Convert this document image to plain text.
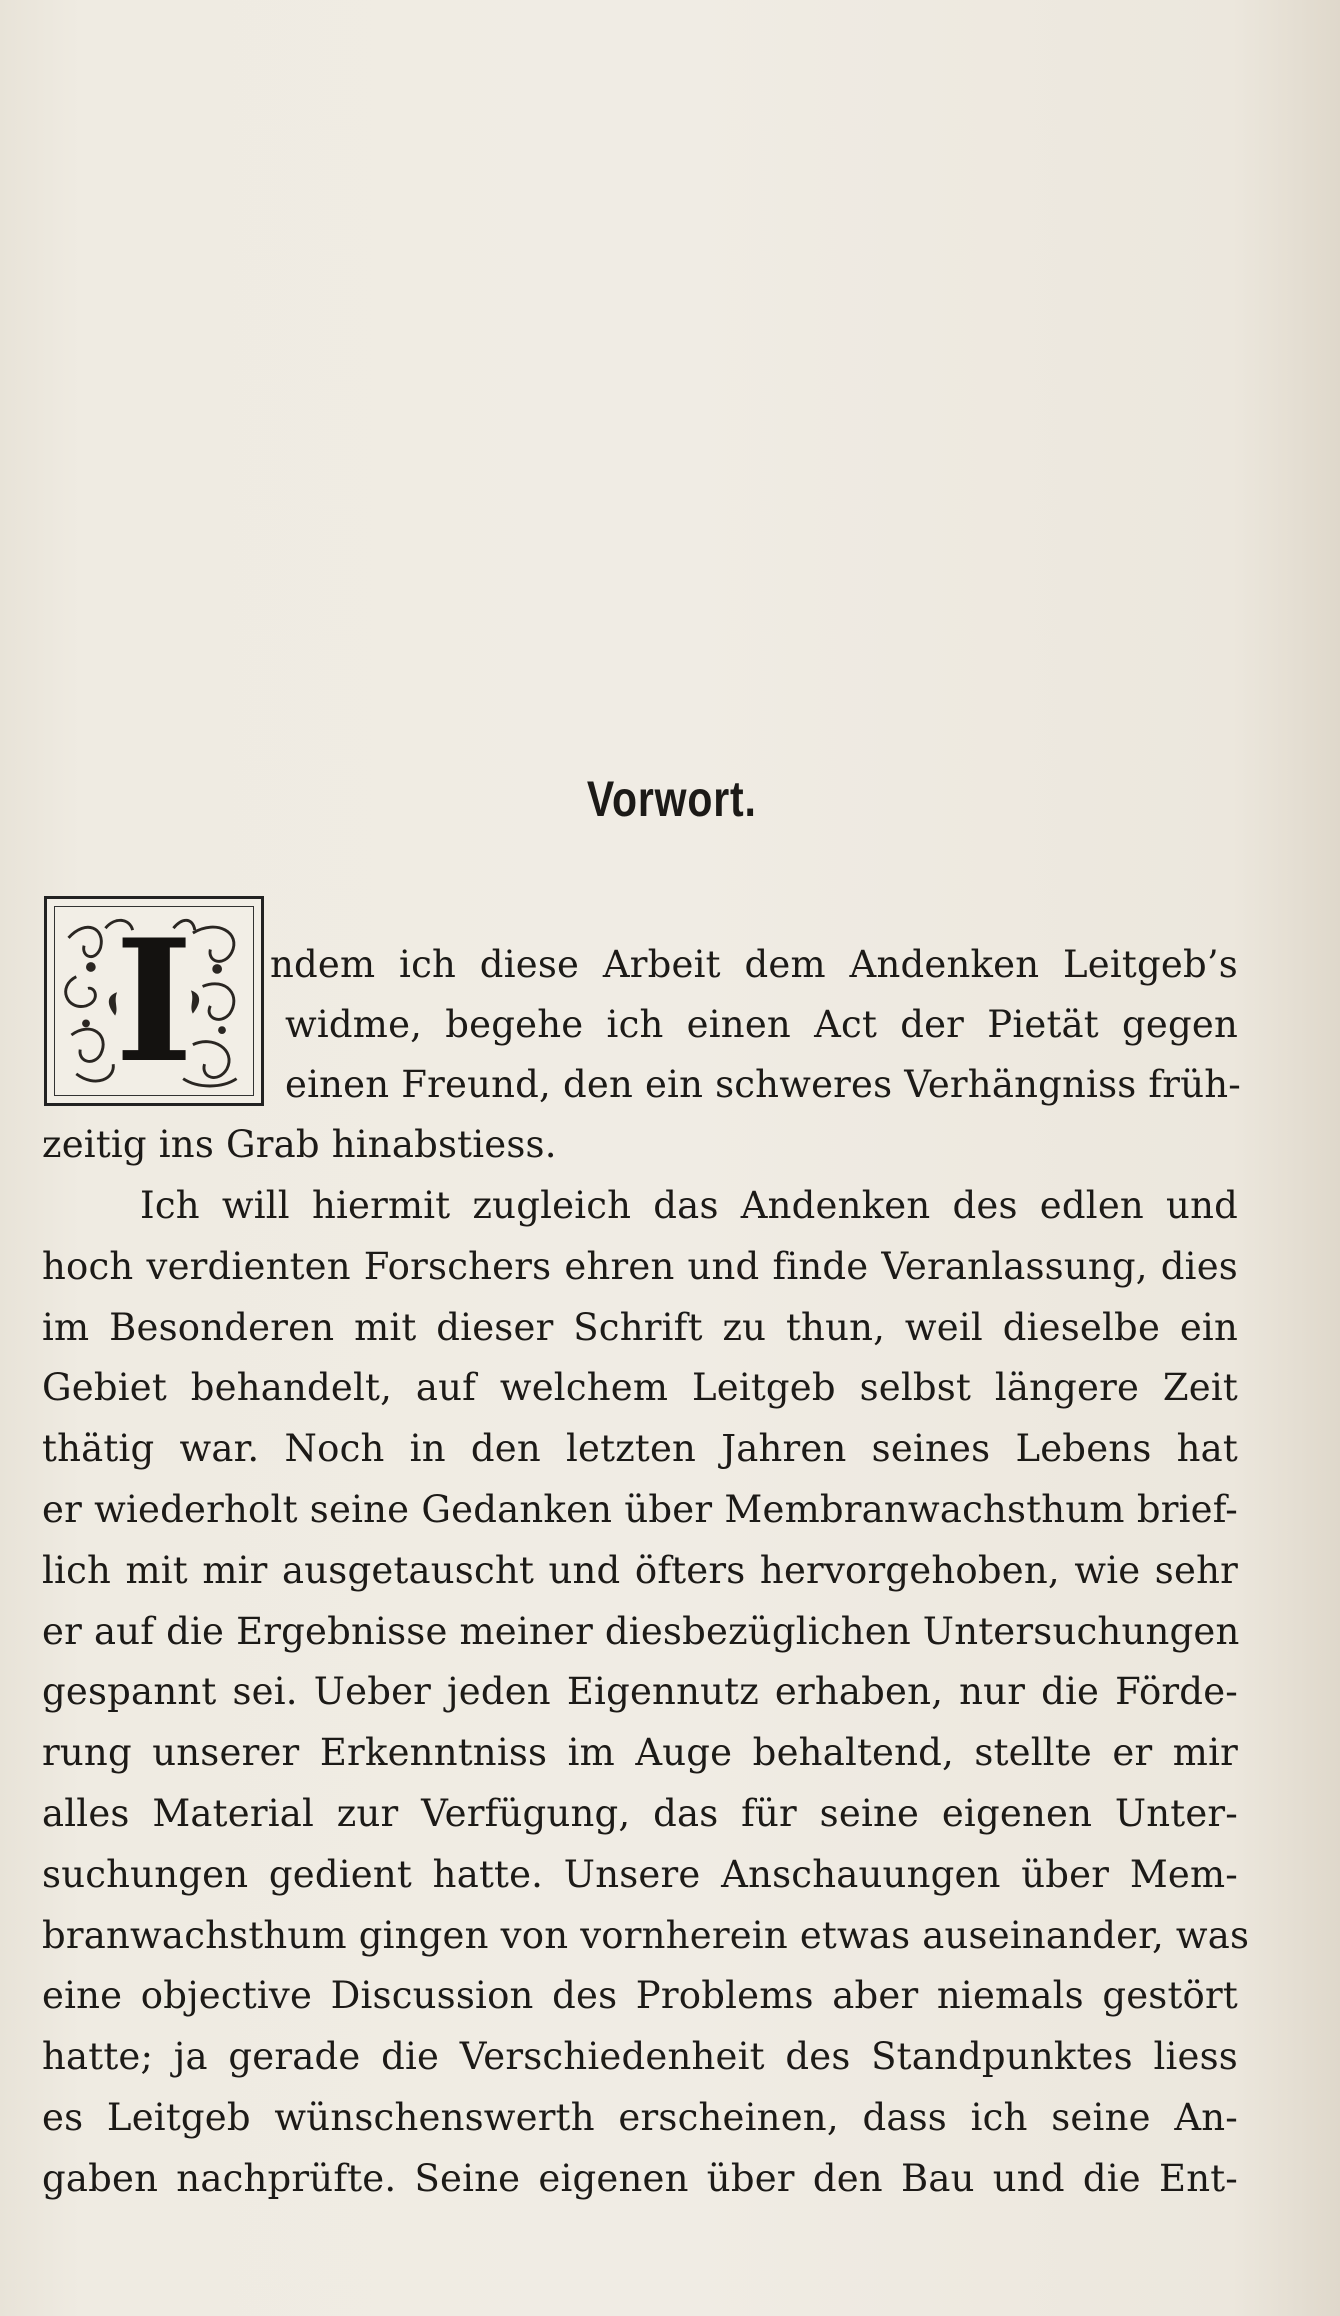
Vorwort.
I	ndem ich diese Arbeit dem Andenken Leitgeb’s
widme, begehe ich einen Act der Pietät gegen
einen Freund, den ein schweres Verhängniss früh-
zeitig ins Grab hinabstiess.
Ich will hiermit zugleich das Andenken des edlen und
hoch verdienten Forschers ehren und finde Veranlassung, dies
im Besonderen mit dieser Schrift zu thun, weil dieselbe ein
Gebiet behandelt, auf welchem Leitgeb selbst längere Zeit
thätig war. Noch in den letzten Jahren seines Lebens hat
er wiederholt seine Gedanken über Membranwachsthum brief-
lich mit mir ausgetauscht und öfters hervorgehoben, wie sehr
er auf die Ergebnisse meiner diesbezüglichen Untersuchungen
gespannt sei. Ueber jeden Eigennutz erhaben, nur die Förde-
rung unserer Erkenntniss im Auge behaltend, stellte er mir
alles Material zur Verfügung, das für seine eigenen Unter-
suchungen gedient hatte. Unsere Anschauungen über Mem-
branwachsthum gingen von vornherein etwas auseinander, was
eine objective Discussion des Problems aber niemals gestört
hatte; ja gerade die Verschiedenheit des Standpunktes liess
es Leitgeb wünschenswerth erscheinen, dass ich seine An-
gaben nachprüfte. Seine eigenen über den Bau und die Ent-
